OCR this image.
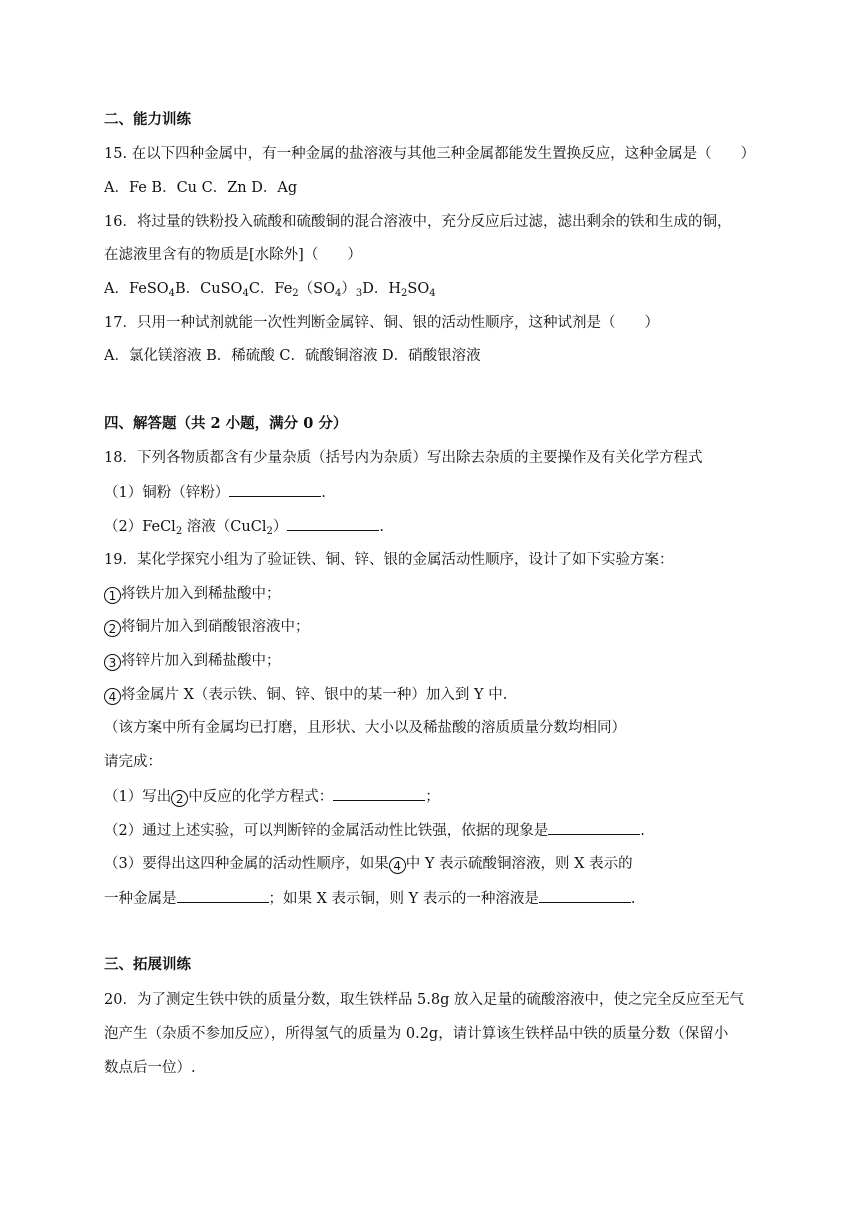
二、能力训练
15. 在以下四种金属中，有一种金属的盐溶液与其他三种金属都能发生置换反应，这种金属是（　　）
A．Fe B．Cu C．Zn D．Ag
16．将过量的铁粉投入硫酸和硫酸铜的混合溶液中，充分反应后过滤，滤出剩余的铁和生成的铜，
在滤液里含有的物质是[水除外]（　　）
A．FeSO$_4$B．CuSO$_4$C．$Fe_2(SO_4)_3D$．$H_2SO_4$
17．只用一种试剂就能一次性判断金属锌、铜、银的活动性顺序，这种试剂是（　　）
A．氯化镁溶液 B．稀硫酸 C．硫酸铜溶液 D．硝酸银溶液
四、解答题（共 2 小题，满分 0 分）
18．下列各物质都含有少量杂质（括号内为杂质）写出除去杂质的主要操作及有关化学方程式
（1）铜粉（锌粉）	.
（2）FeCl$_2$ 溶液（CuCl$_2$）	.
19．某化学探究小组为了验证铁、铜、锌、银的金属活动性顺序，设计了如下实验方案：
1 将铁片加入到稀盐酸中；
2 将铜片加入到硝酸银溶液中；
3 将锌片加入到稀盐酸中；
4 将金属片 X（表示铁、铜、锌、银中的某一种）加入到 Y 中.
（该方案中所有金属均已打磨，且形状、大小以及稀盐酸的溶质质量分数均相同）
请完成：
（1）写出 2 中反应的化学方程式：	；
（2）通过上述实验，可以判断锌的金属活动性比铁强，依据的现象是	.
（3）要得出这四种金属的活动性顺序，如果 4 中 Y 表示硫酸铜溶液，则 X 表示的
一种金属是	；如果 X 表示铜，则 Y 表示的一种溶液是	.
三、拓展训练
20．为了测定生铁中铁的质量分数，取生铁样品 5.8g 放入足量的硫酸溶液中，使之完全反应至无气
泡产生（杂质不参加反应），所得氢气的质量为 0.2g，请计算该生铁样品中铁的质量分数（保留小
数点后一位）.
